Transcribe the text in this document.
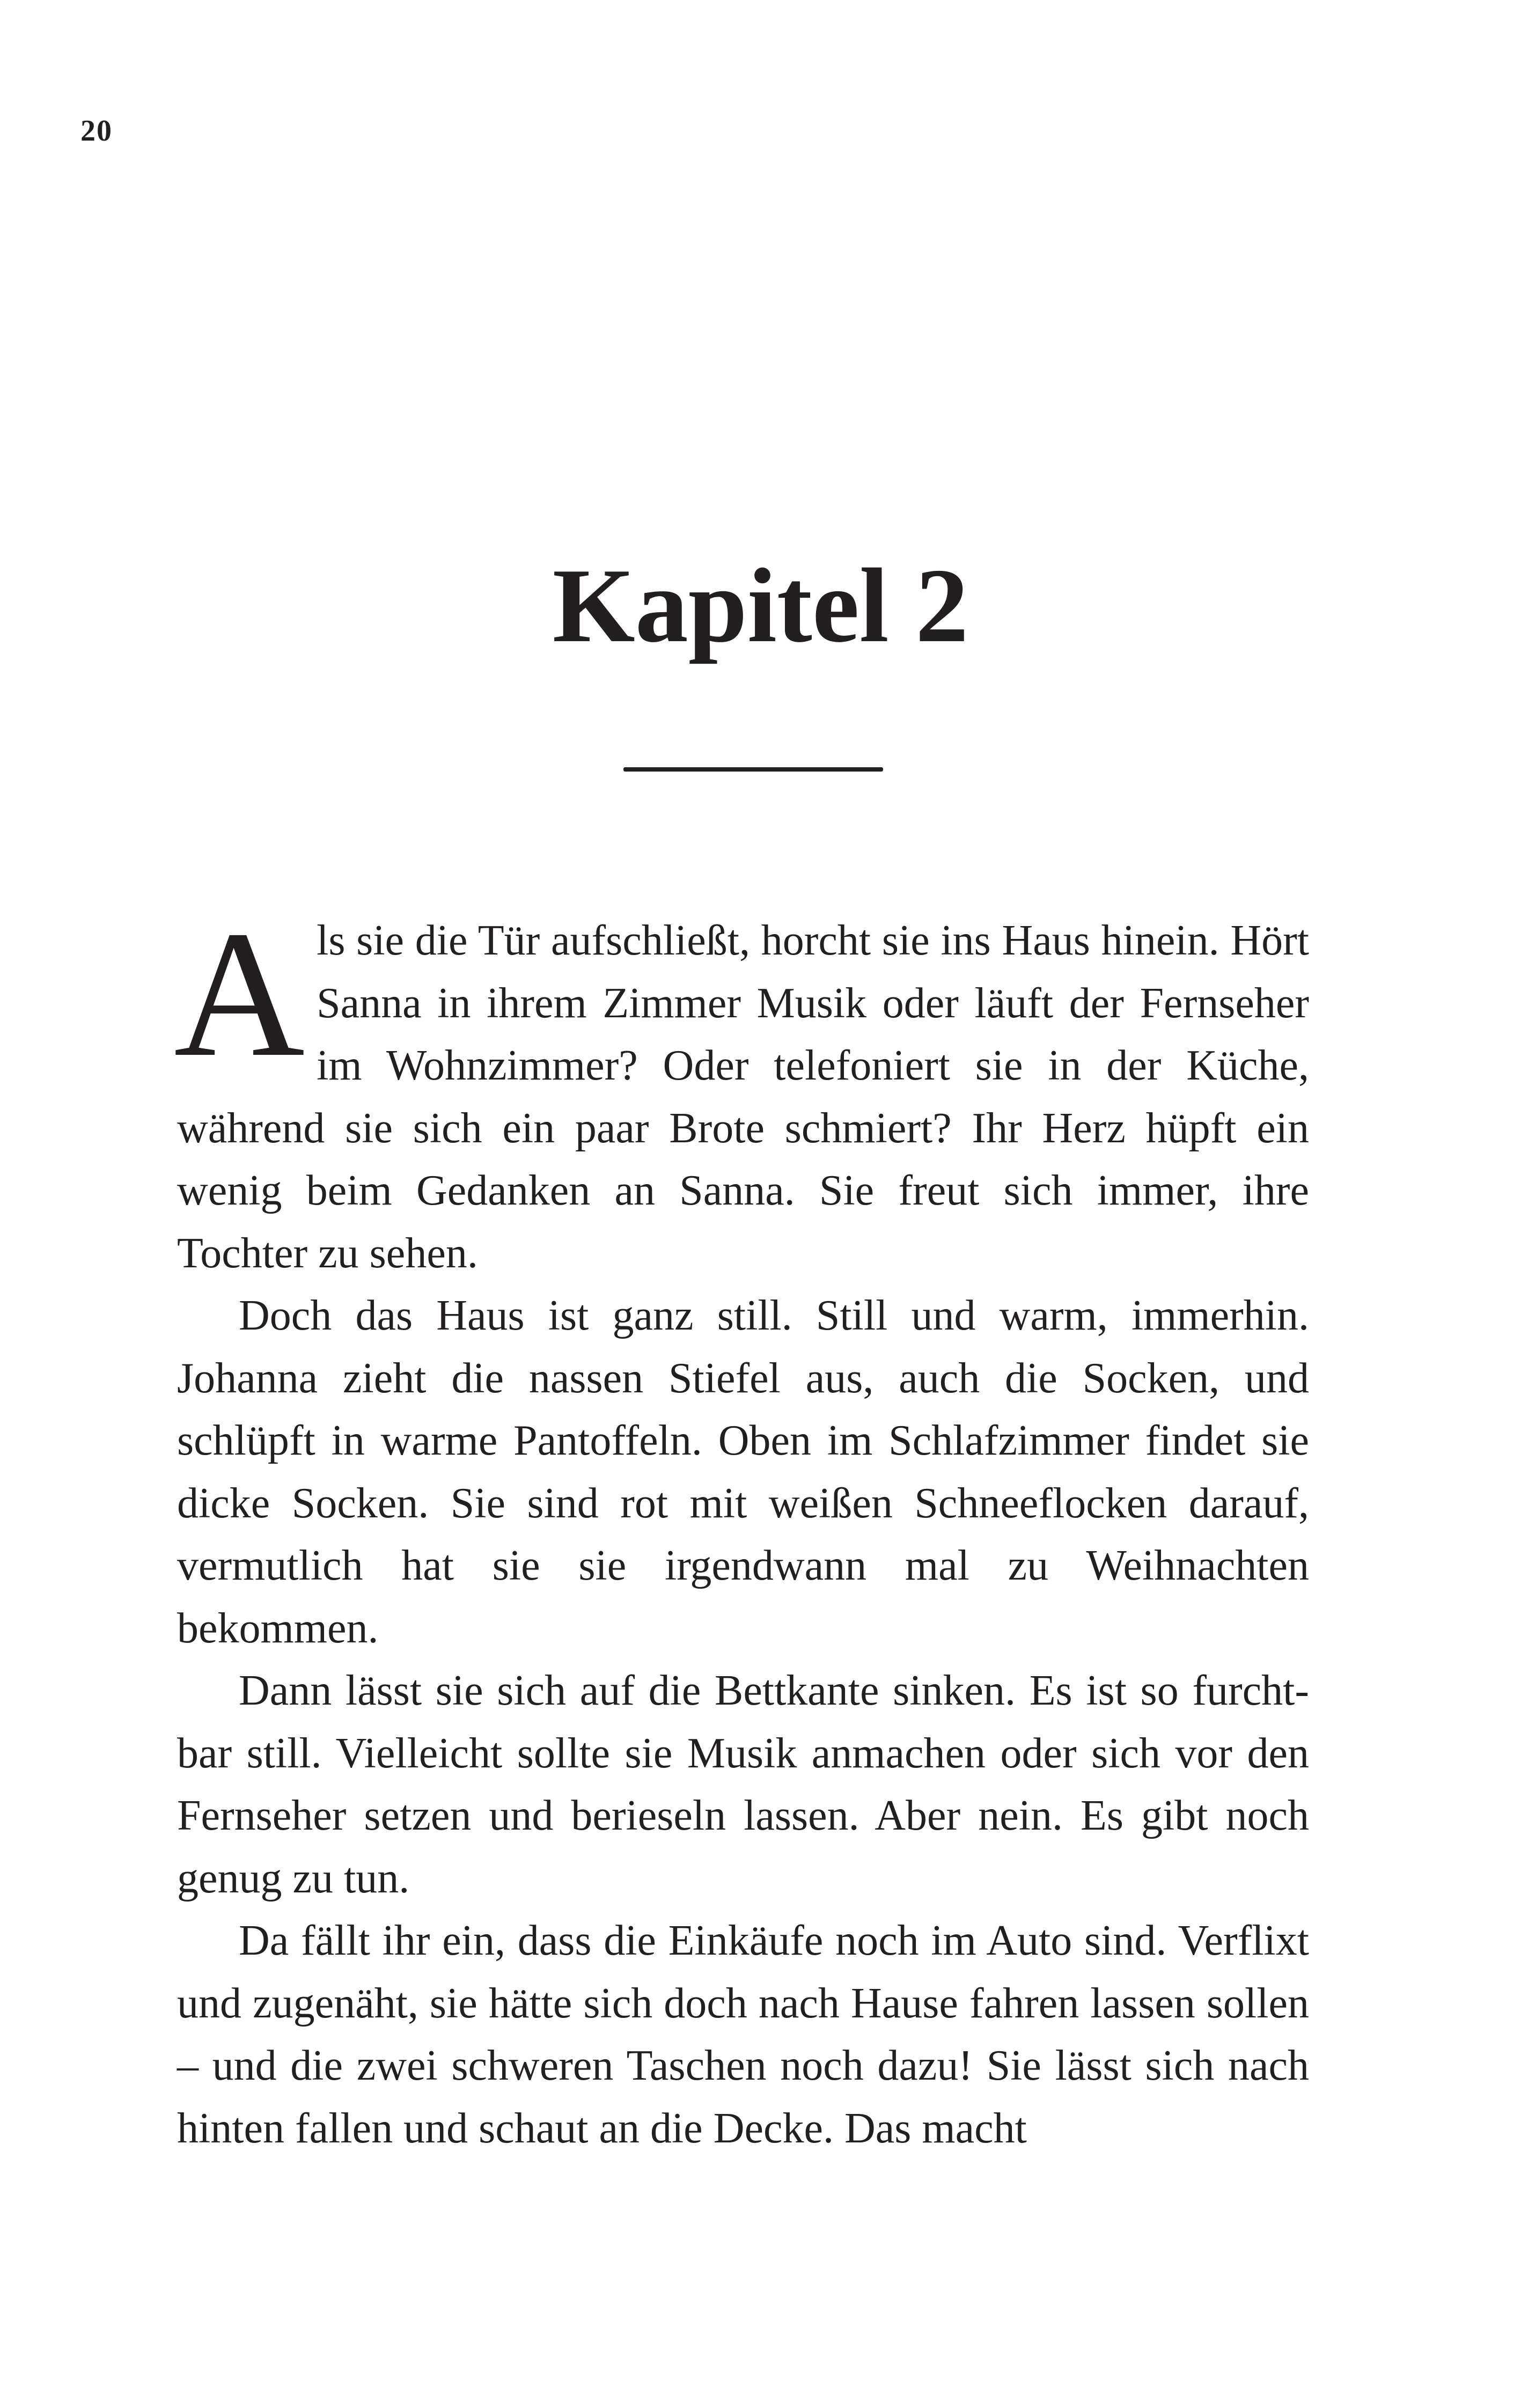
20
Kapitel 2

Als sie die Tür aufschließt, horcht sie ins Haus hinein. Hört Sanna in ihrem Zimmer Musik oder läuft der Fernseher im Wohnzimmer? Oder telefoniert sie in der Küche, während sie sich ein paar Brote schmiert? Ihr Herz hüpft ein wenig beim Gedanken an Sanna. Sie freut sich immer, ihre Tochter zu sehen.

Doch das Haus ist ganz still. Still und warm, immerhin. Johanna zieht die nassen Stiefel aus, auch die Socken, und schlüpft in warme Pantoffeln. Oben im Schlafzimmer findet sie dicke Socken. Sie sind rot mit weißen Schneeflocken darauf, vermutlich hat sie sie irgendwann mal zu Weihnachten bekommen.

Dann lässt sie sich auf die Bettkante sinken. Es ist so furchtbar still. Vielleicht sollte sie Musik anmachen oder sich vor den Fernseher setzen und berieseln lassen. Aber nein. Es gibt noch genug zu tun.

Da fällt ihr ein, dass die Einkäufe noch im Auto sind. Verflixt und zugenäht, sie hätte sich doch nach Hause fahren lassen sollen – und die zwei schweren Taschen noch dazu! Sie lässt sich nach hinten fallen und schaut an die Decke. Das macht
